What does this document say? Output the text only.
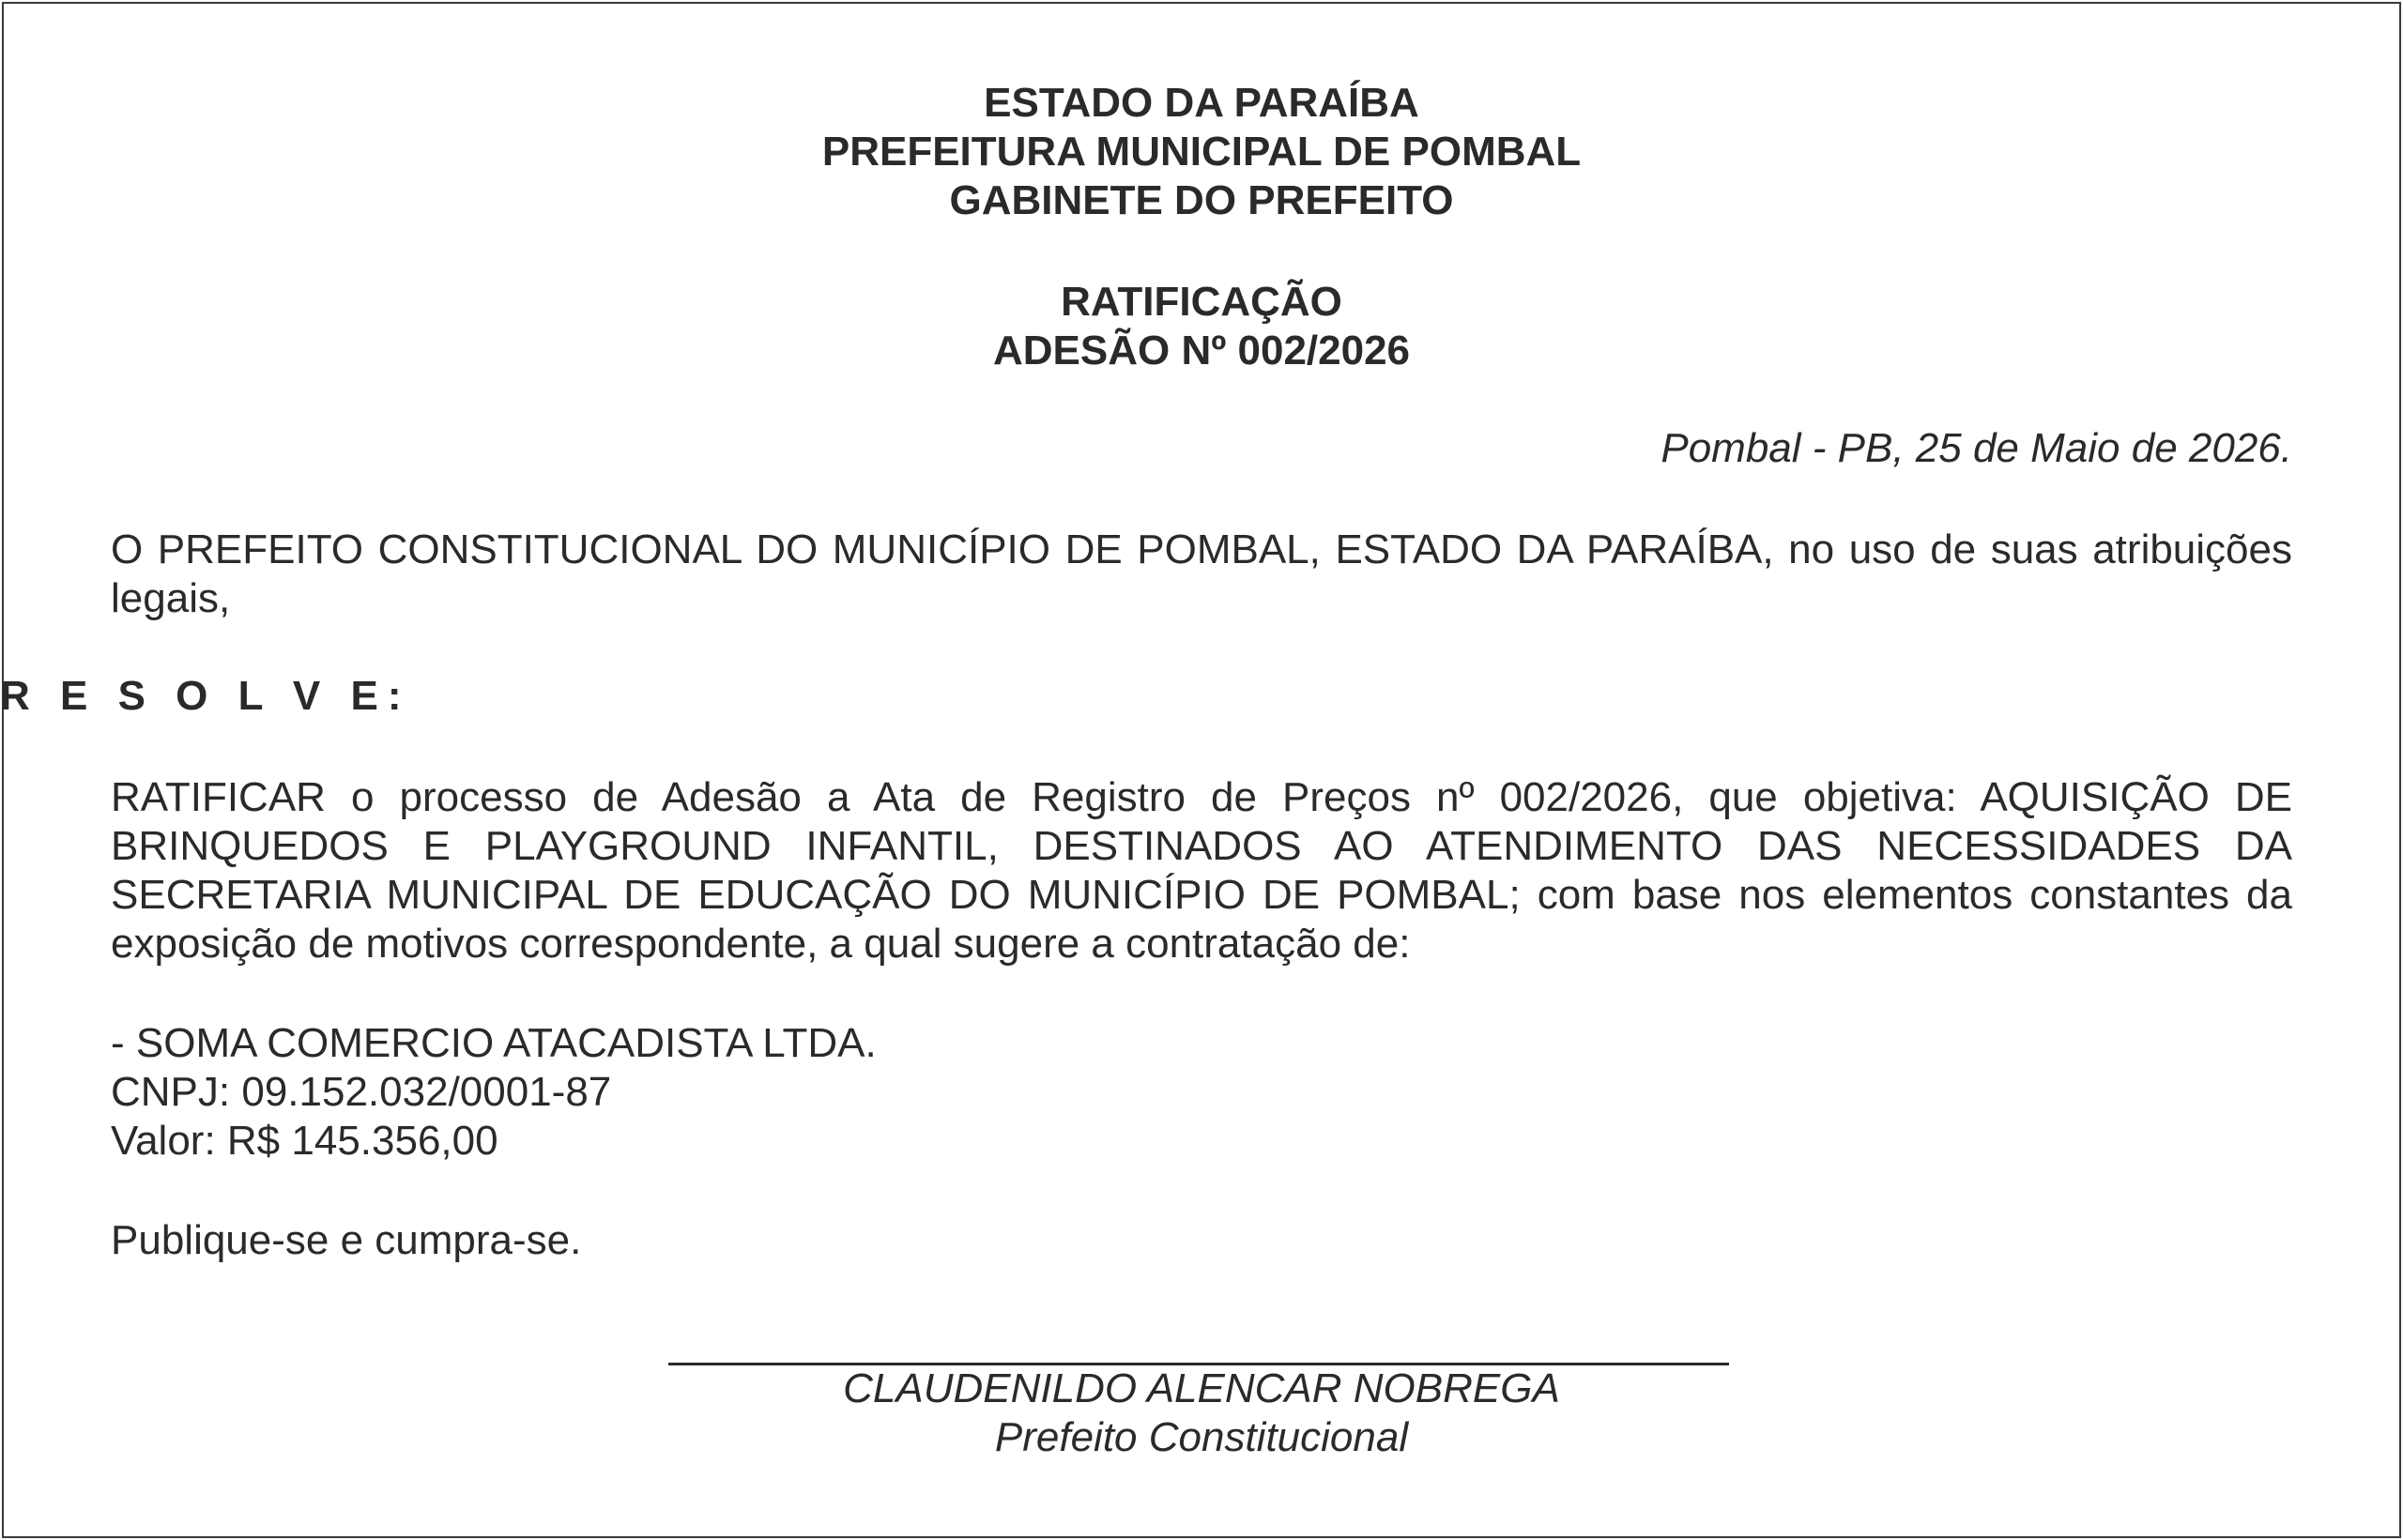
ESTADO DA PARAÍBA
PREFEITURA MUNICIPAL DE POMBAL
GABINETE DO PREFEITO
RATIFICAÇÃO
ADESÃO Nº 002/2026
Pombal - PB, 25 de Maio de 2026.
O PREFEITO CONSTITUCIONAL DO MUNICÍPIO DE POMBAL, ESTADO DA PARAÍBA, no uso de suas atribuições legais,
R E S O L V E:
RATIFICAR o processo de Adesão a Ata de Registro de Preços nº 002/2026, que objetiva: AQUISIÇÃO DE BRINQUEDOS E PLAYGROUND INFANTIL, DESTINADOS AO ATENDIMENTO DAS NECESSIDADES DA SECRETARIA MUNICIPAL DE EDUCAÇÃO DO MUNICÍPIO DE POMBAL; com base nos elementos constantes da exposição de motivos correspondente, a qual sugere a contratação de:
- SOMA COMERCIO ATACADISTA LTDA.
CNPJ: 09.152.032/0001-87
Valor: R$ 145.356,00
Publique-se e cumpra-se.
CLAUDENILDO ALENCAR NOBREGA
Prefeito Constitucional
